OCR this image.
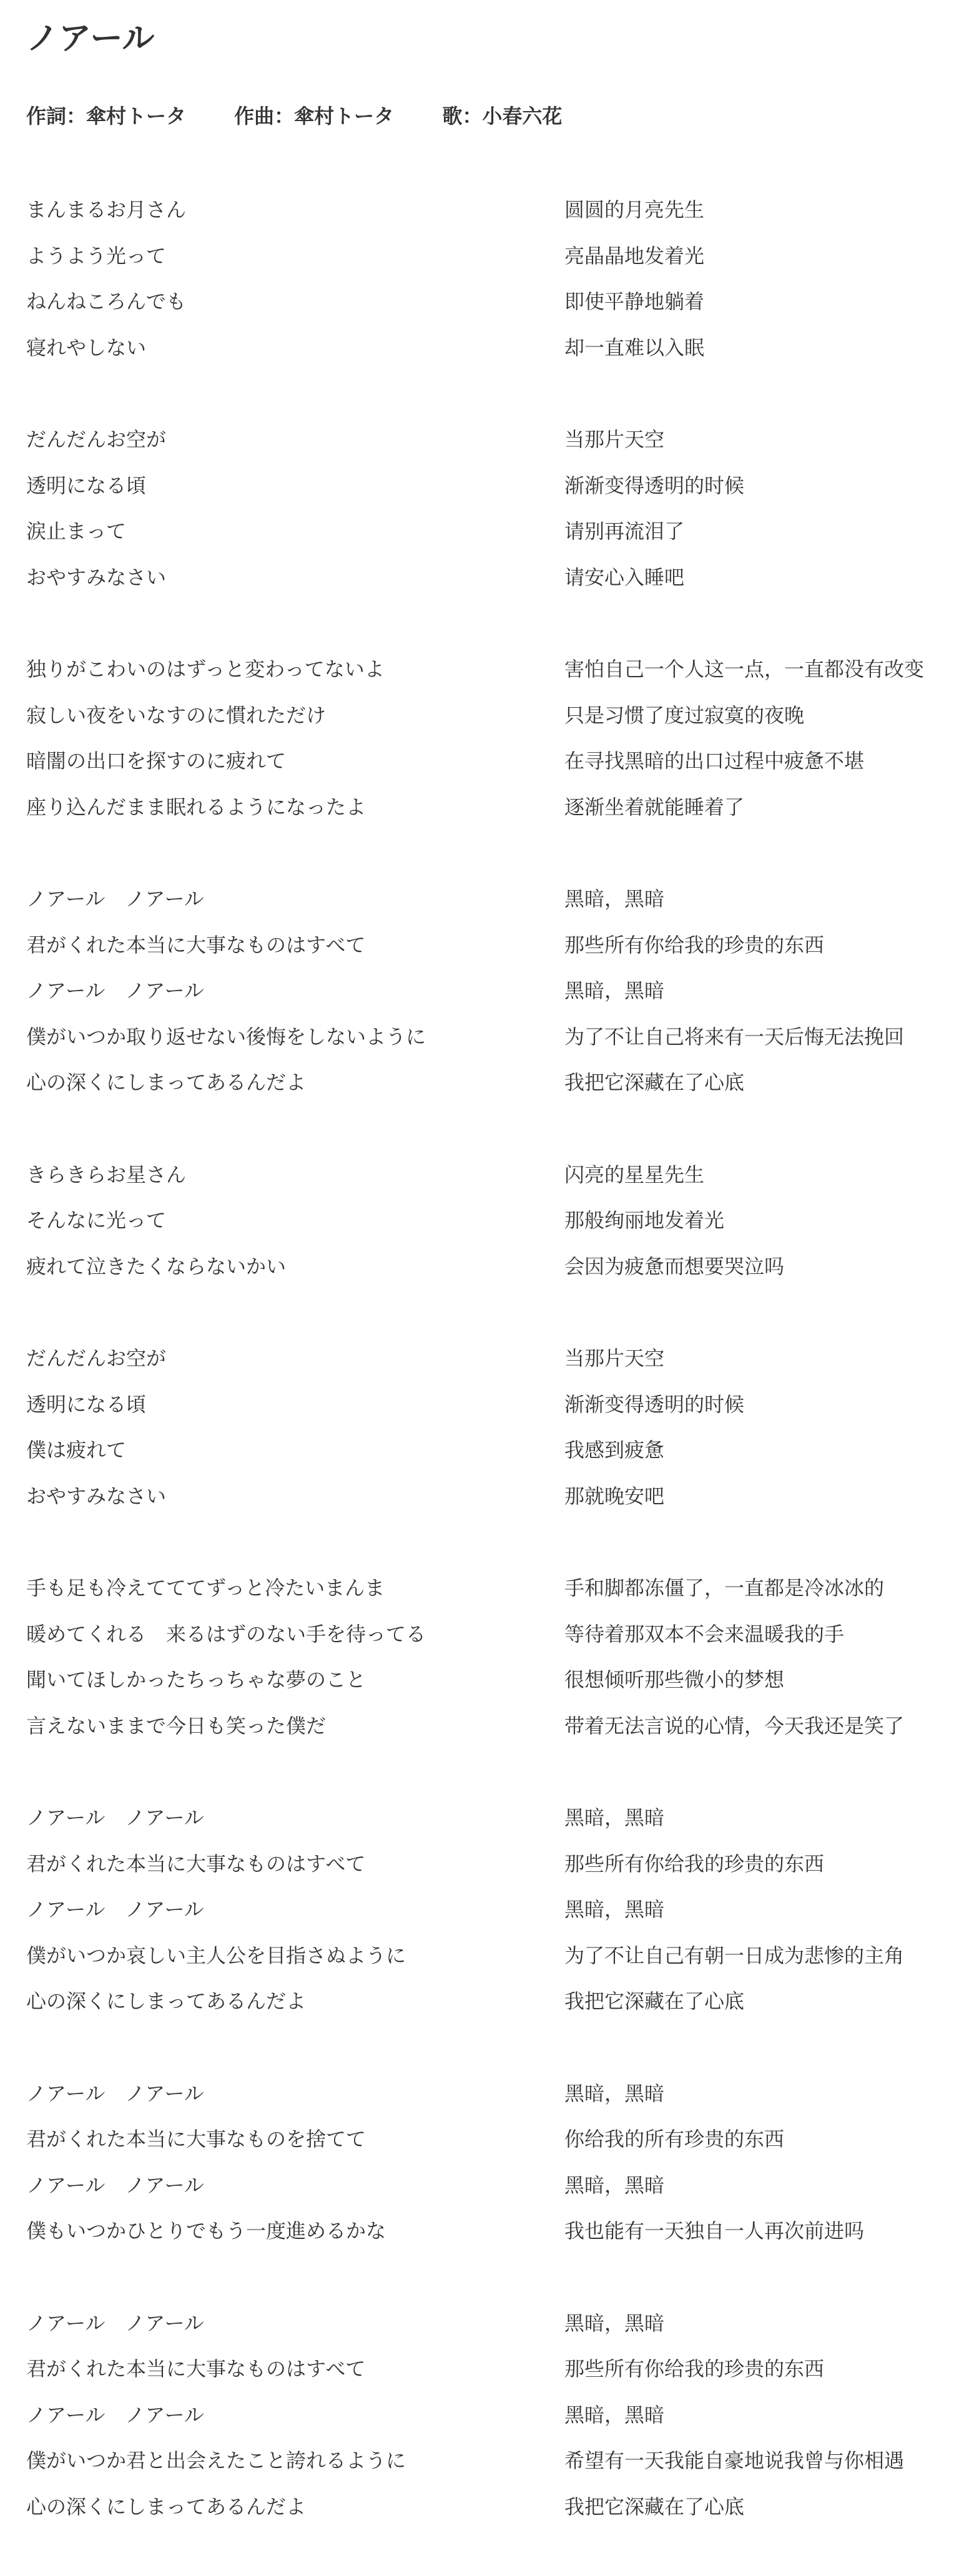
ノアール
作詞：傘村トータ 作曲：傘村トータ 歌：小春六花
まんまるお月さん	圆圆的月亮先生
ようよう光って	亮晶晶地发着光
ねんねころんでも	即使平静地躺着
寝れやしない	却一直难以入眠
だんだんお空が	当那片天空
透明になる頃	渐渐变得透明的时候
涙止まって	请别再流泪了
おやすみなさい	请安心入睡吧
独りがこわいのはずっと変わってないよ	害怕自己一个人这一点，一直都没有改变
寂しい夜をいなすのに慣れただけ	只是习惯了度过寂寞的夜晚
暗闇の出口を探すのに疲れて	在寻找黑暗的出口过程中疲惫不堪
座り込んだまま眠れるようになったよ	逐渐坐着就能睡着了
ノアール　ノアール	黑暗，黑暗
君がくれた本当に大事なものはすべて	那些所有你给我的珍贵的东西
ノアール　ノアール	黑暗，黑暗
僕がいつか取り返せない後悔をしないように	为了不让自己将来有一天后悔无法挽回
心の深くにしまってあるんだよ	我把它深藏在了心底
きらきらお星さん	闪亮的星星先生
そんなに光って	那般绚丽地发着光
疲れて泣きたくならないかい	会因为疲惫而想要哭泣吗
だんだんお空が	当那片天空
透明になる頃	渐渐变得透明的时候
僕は疲れて	我感到疲惫
おやすみなさい	那就晚安吧
手も足も冷えてててずっと冷たいまんま	手和脚都冻僵了，一直都是冷冰冰的
暖めてくれる　来るはずのない手を待ってる	等待着那双本不会来温暖我的手
聞いてほしかったちっちゃな夢のこと	很想倾听那些微小的梦想
言えないままで今日も笑った僕だ	带着无法言说的心情，今天我还是笑了
ノアール　ノアール	黑暗，黑暗
君がくれた本当に大事なものはすべて	那些所有你给我的珍贵的东西
ノアール　ノアール	黑暗，黑暗
僕がいつか哀しい主人公を目指さぬように	为了不让自己有朝一日成为悲惨的主角
心の深くにしまってあるんだよ	我把它深藏在了心底
ノアール　ノアール	黑暗，黑暗
君がくれた本当に大事なものを捨てて	你给我的所有珍贵的东西
ノアール　ノアール	黑暗，黑暗
僕もいつかひとりでもう一度進めるかな	我也能有一天独自一人再次前进吗
ノアール　ノアール	黑暗，黑暗
君がくれた本当に大事なものはすべて	那些所有你给我的珍贵的东西
ノアール　ノアール	黑暗，黑暗
僕がいつか君と出会えたこと誇れるように	希望有一天我能自豪地说我曾与你相遇
心の深くにしまってあるんだよ	我把它深藏在了心底
